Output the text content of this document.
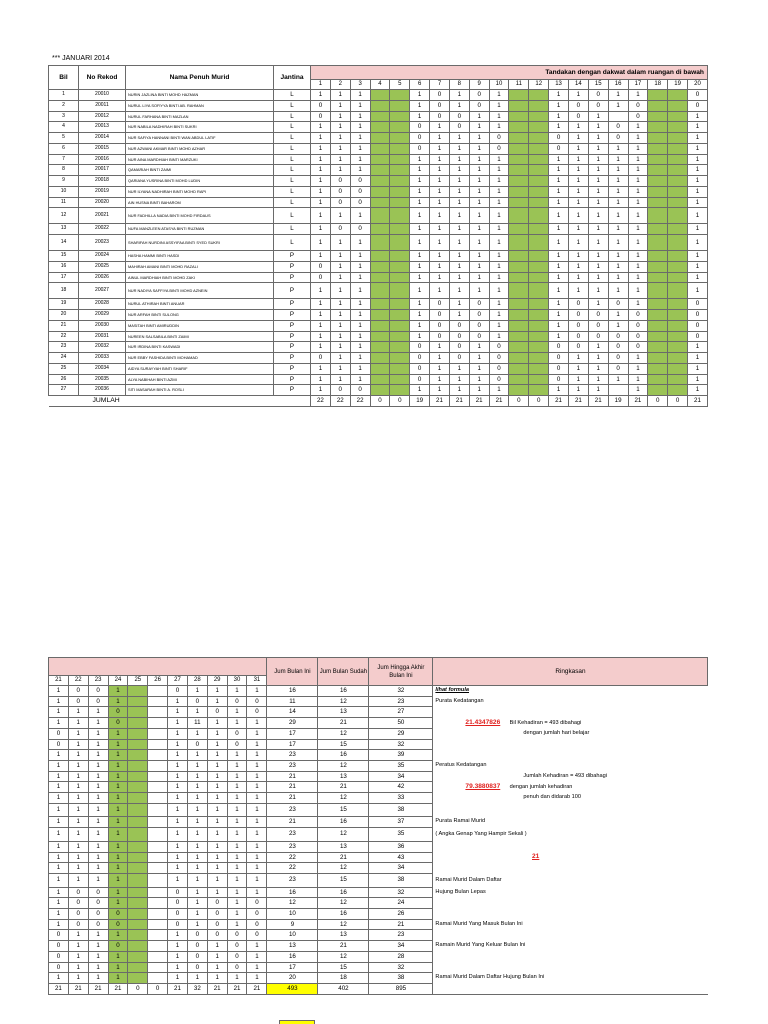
*** JANUARI 2014
Bil	No Rekod	Nama Penuh Murid	Jantina	Tandakan dengan dakwat dalam ruangan di bawah																			
				1	2	3	4	5	6	7	8	9	10	11	12	13	14	15	16	17	18	19	20
1	20010	NURIN JAZLINA BINTI MOHD HAZMAN	L	1	1	1			1	0	1	0	1			1	1	0	1	1			0
2	20011	NURUL LIYA SOFIYYA BINTI AB. RAHMAN	L	0	1	1			1	0	1	0	1			1	0	0	1	0			0
3	20012	NURUL FARHANA BINTI MAZLAN	L	0	1	1			1	0	0	1	1			1	0	1		0			1
4	20013	NUR NABILA NADHIRAH BINTI SUKRI	L	1	1	1			0	1	0	1	1			1	1	1	0	1			1
5	20014	NUR SAFIYA HANNANI BINTI WAN ABDUL LATIF	L	1	1	1			0	1	1	1	0			0	1	1	0	1			1
6	20015	NUR AZWANI AKMAR BINTI MOHD AZHAR	L	1	1	1			0	1	1	1	0			0	1	1	1	1			1
7	20016	NUR AINA MARDHIAH BINTI MARZUKI	L	1	1	1			1	1	1	1	1			1	1	1	1	1			1
8	20017	QAMARIAH BINTI ZAIMI	L	1	1	1			1	1	1	1	1			1	1	1	1	1			1
9	20018	QARIANA YUSRINA BINTI MOHD LUDIN	L	1	0	0			1	1	1	1	1			1	1	1	1	1			1
10	20019	NUR ILYANA NADHIRAH BINTI MOHD RAPI	L	1	0	0			1	1	1	1	1			1	1	1	1	1			1
11	20020	AIN HUSNA BINTI BAHAROM	L	1	0	0			1	1	1	1	1			1	1	1	1	1			1
12	20021	NUR FADHILLA NADIA BINTI MOHD FIRDAUS	L	1	1	1			1	1	1	1	1			1	1	1	1	1			1
13	20022	NUFA MANZLEEN ATASYA BINTI RUZMAN	L	1	0	0			1	1	1	1	1			1	1	1	1	1			1
14	20023	SHARIFAH NURDINI ASSYIFAA BINTI SYED SUKRI	L	1	1	1			1	1	1	1	1			1	1	1	1	1			1
15	20024	HASHA HAMMI BINTI HASDI	P	1	1	1			1	1	1	1	1			1	1	1	1	1			1
16	20025	MAHIRAH AMANI BINTI MOHD RAZALI	P	0	1	1			1	1	1	1	1			1	1	1	1	1			1
17	20026	AINUL MARDHIAH BINTI MOHD ZAKI	P	0	1	1			1	1	1	1	1			1	1	1	1	1			1
18	20027	NUR NADIYA SAFFIYA BINTI MOHD AZNEIN	P	1	1	1			1	1	1	1	1			1	1	1	1	1			1
19	20028	NURUL ATHIRAH BINTI ANUAR	P	1	1	1			1	0	1	0	1			1	0	1	0	1			0
20	20029	NUR ARFAH BINTI SULONG	P	1	1	1			1	0	1	0	1			1	0	0	1	0			0
21	20030	MASITAH BINTI AMIRUDDIN	P	1	1	1			1	0	0	0	1			1	0	0	1	0			0
22	20031	NUREEN SALSABILA BINTI ZAIMI	P	1	1	1			1	0	0	0	1			1	0	0	0	0			0
23	20032	NUR IRDINA BINTI KASWADI	P	1	1	1			0	1	0	1	0			0	0	1	0	0			1
24	20033	NUR EBBY FASHIDA BINTI MOHAMAD	P	0	1	1			0	1	0	1	0			0	1	1	0	1			1
25	20034	AIDYA SURAYYAH BINTI SHARIF	P	1	1	1			0	1	1	1	0			0	1	1	0	1			1
26	20035	ALYA NABIHAH BINTI AZMI	P	1	1	1			0	1	1	1	0			0	1	1	1	1			1
27	20036	SITI MASARAH BINTI A. ROSLI	P	1	0	0			1	1	1	1	1			1	1	1		1			1
JUMLAH				22	22	22	0	0	19	21	21	21	21	0	0	21	21	21	19	21	0	0	21
											Jum Bulan Ini	Jum Bulan Sudah	Jum Hingga Akhir Bulan Ini	Ringkasan
21	22	23	24	25	26	27	28	29	30	31				
1	0	0	1			0	1	1	1	1	16	16	32	lihat formula
1	0	0	1			1	0	1	0	0	11	12	23	Purata Kedatangan
1	1	1	0			1	1	0	1	0	14	13	27	
1	1	1	0			1	11	1	1	1	29	21	50	21.4347826 Bil Kehadiran = 493 dibahagi
0	1	1	1			1	1	1	0	1	17	12	29	dengan jumlah hari belajar
0	1	1	1			1	0	1	0	1	17	15	32	
1	1	1	1			1	1	1	1	1	23	16	39	
1	1	1	1			1	1	1	1	1	23	12	35	Peratus Kedatangan
1	1	1	1			1	1	1	1	1	21	13	34	Jumlah Kehadiran = 493 dibahagi
1	1	1	1			1	1	1	1	1	21	21	42	79.3880837 dengan jumlah kehadiran
1	1	1	1			1	1	1	1	1	21	12	33	penuh dan didarab 100
1	1	1	1			1	1	1	1	1	23	15	38	
1	1	1	1			1	1	1	1	1	21	16	37	Purata Ramai Murid
1	1	1	1			1	1	1	1	1	23	12	35	( Angka Genap Yang Hampir Sekali )
1	1	1	1			1	1	1	1	1	23	13	36	
1	1	1	1			1	1	1	1	1	22	21	43	21
1	1	1	1			1	1	1	1	1	22	12	34	
1	1	1	1			1	1	1	1	1	23	15	38	Ramai Murid Dalam Daftar
1	0	0	1			0	1	1	1	1	16	16	32	Hujung Bulan Lepas
1	0	0	1			0	1	0	1	0	12	12	24	
1	0	0	0			0	1	0	1	0	10	16	26	
1	0	0	0			0	1	0	1	0	9	12	21	Ramai Murid Yang Masuk Bulan Ini
0	1	1	1			1	0	0	0	0	10	13	23	
0	1	1	0			1	0	1	0	1	13	21	34	Ramain Murid Yang Keluar Bulan Ini
0	1	1	1			1	0	1	0	1	16	12	28	
0	1	1	1			1	0	1	0	1	17	15	32	
1	1	1	1			1	1	1	1	1	20	18	38	Ramai Murid Dalam Daftar Hujung Bulan Ini
21	21	21	21	0	0	21	32	21	21	21	493	402	895	
